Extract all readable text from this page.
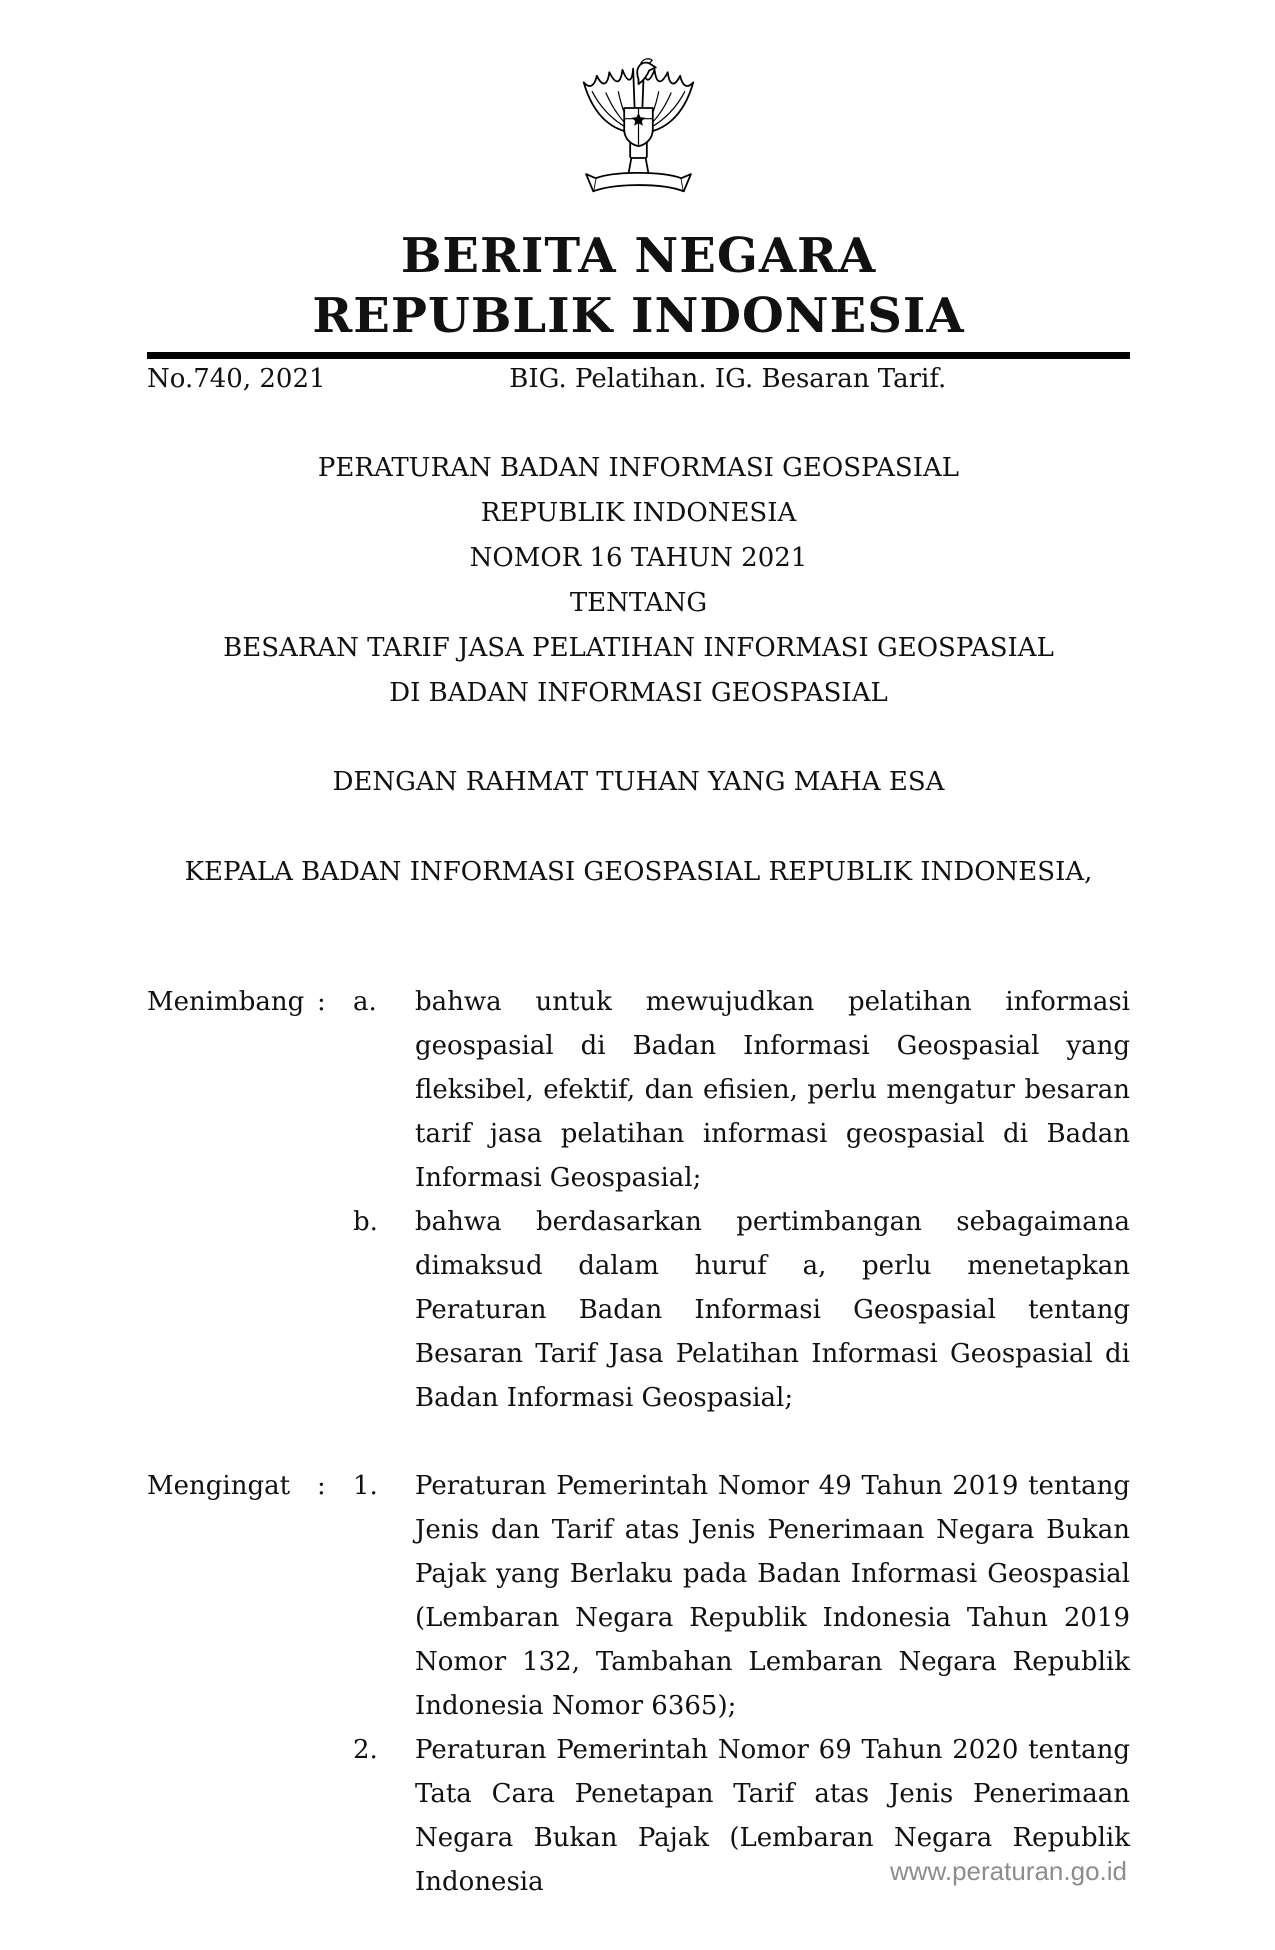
BERITA NEGARA

REPUBLIK INDONESIA

No.740, 2021	BIG. Pelatihan. IG. Besaran Tarif.

PERATURAN BADAN INFORMASI GEOSPASIAL

REPUBLIK INDONESIA

NOMOR 16 TAHUN 2021

TENTANG

BESARAN TARIF JASA PELATIHAN INFORMASI GEOSPASIAL

DI BADAN INFORMASI GEOSPASIAL

DENGAN RAHMAT TUHAN YANG MAHA ESA

KEPALA BADAN INFORMASI GEOSPASIAL REPUBLIK INDONESIA,

Menimbang :	a.	bahwa untuk mewujudkan pelatihan informasi geospasial di Badan Informasi Geospasial yang fleksibel, efektif, dan efisien, perlu mengatur besaran tarif jasa pelatihan informasi geospasial di Badan Informasi Geospasial;

b.	bahwa berdasarkan pertimbangan sebagaimana dimaksud dalam huruf a, perlu menetapkan Peraturan Badan Informasi Geospasial tentang Besaran Tarif Jasa Pelatihan Informasi Geospasial di Badan Informasi Geospasial;

Mengingat	:	1.	Peraturan Pemerintah Nomor 49 Tahun 2019 tentang Jenis dan Tarif atas Jenis Penerimaan Negara Bukan Pajak yang Berlaku pada Badan Informasi Geospasial (Lembaran Negara Republik Indonesia Tahun 2019 Nomor 132, Tambahan Lembaran Negara Republik Indonesia Nomor 6365);

2.	Peraturan Pemerintah Nomor 69 Tahun 2020 tentang Tata Cara Penetapan Tarif atas Jenis Penerimaan Negara Bukan Pajak (Lembaran Negara Republik Indonesia	www.peraturan.go.id
